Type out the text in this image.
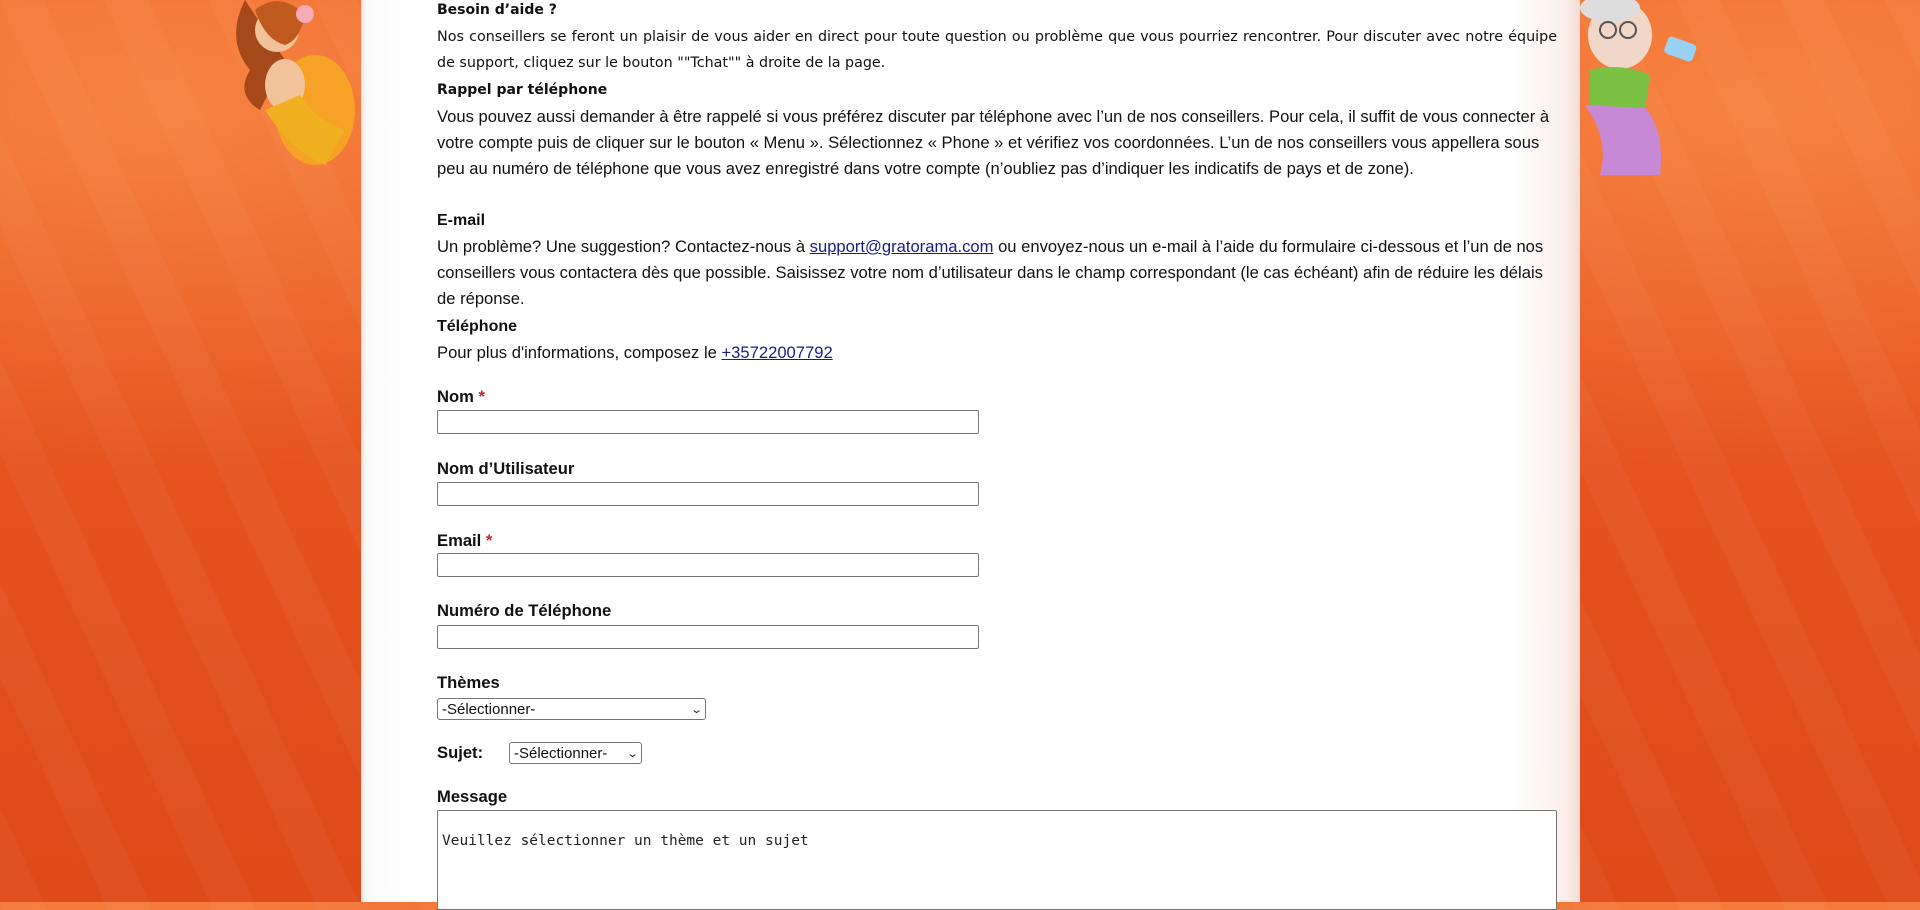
Besoin d’aide ?
Nos conseillers se feront un plaisir de vous aider en direct pour toute question ou problème que vous pourriez rencontrer. Pour discuter avec notre équipe de support, cliquez sur le bouton ""Tchat"" à droite de la page.
Rappel par téléphone
Vous pouvez aussi demander à être rappelé si vous préférez discuter par téléphone avec l’un de nos conseillers. Pour cela, il suffit de vous connecter à votre compte puis de cliquer sur le bouton « Menu ». Sélectionnez « Phone » et vérifiez vos coordonnées. L’un de nos conseillers vous appellera sous peu au numéro de téléphone que vous avez enregistré dans votre compte (n’oubliez pas d’indiquer les indicatifs de pays et de zone).
E-mail
Un problème? Une suggestion? Contactez-nous à support@gratorama.com ou envoyez-nous un e-mail à l’aide du formulaire ci-dessous et l’un de nos conseillers vous contactera dès que possible. Saisissez votre nom d’utilisateur dans le champ correspondant (le cas échéant) afin de réduire les délais de réponse.
Téléphone
Pour plus d'informations, composez le +35722007792
Nom *
Nom d’Utilisateur
Email *
Numéro de Téléphone
Thèmes
-Sélectionner-	⌄
Sujet: -Sélectionner- ⌄
Message
Veuillez sélectionner un thème et un sujet
